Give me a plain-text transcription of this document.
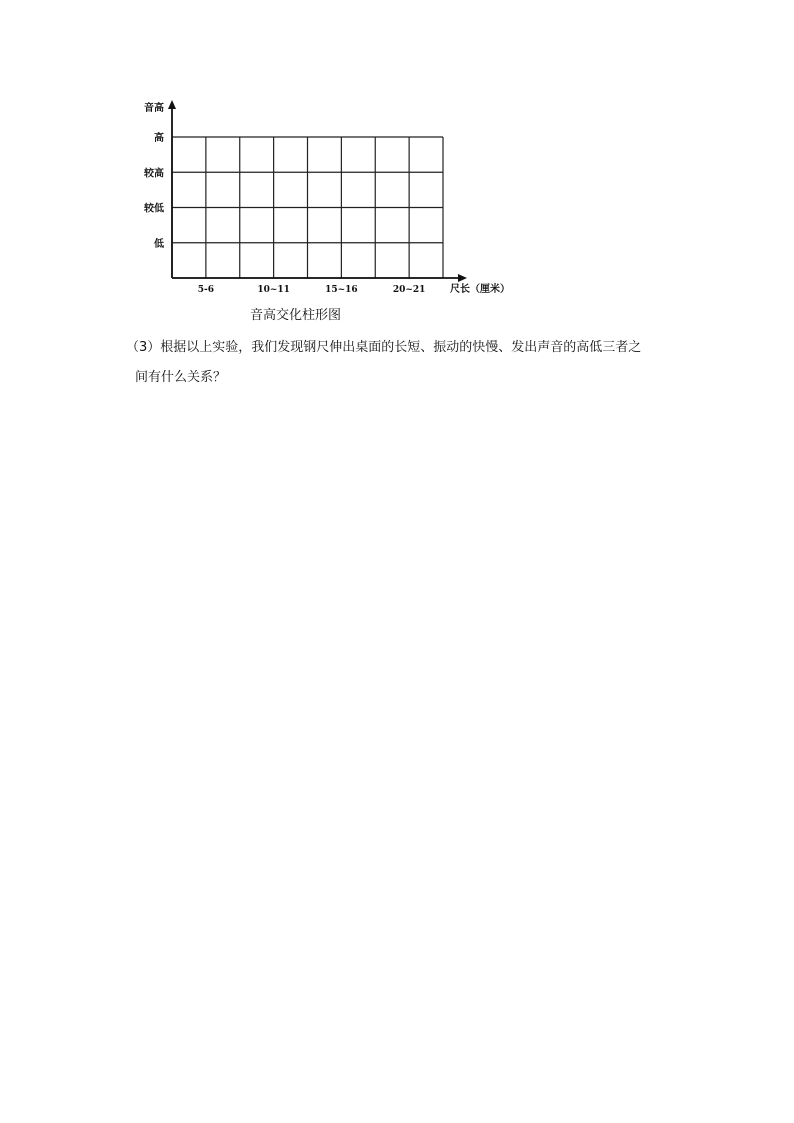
音高
尺长（厘米）
高
较高
较低
低
5-6	10~11	15~16	20~21
音高交化柱形图
（3）根据以上实验，我们发现钢尺伸出桌面的长短、振动的快慢、发出声音的高低三者之
间有什么关系？
